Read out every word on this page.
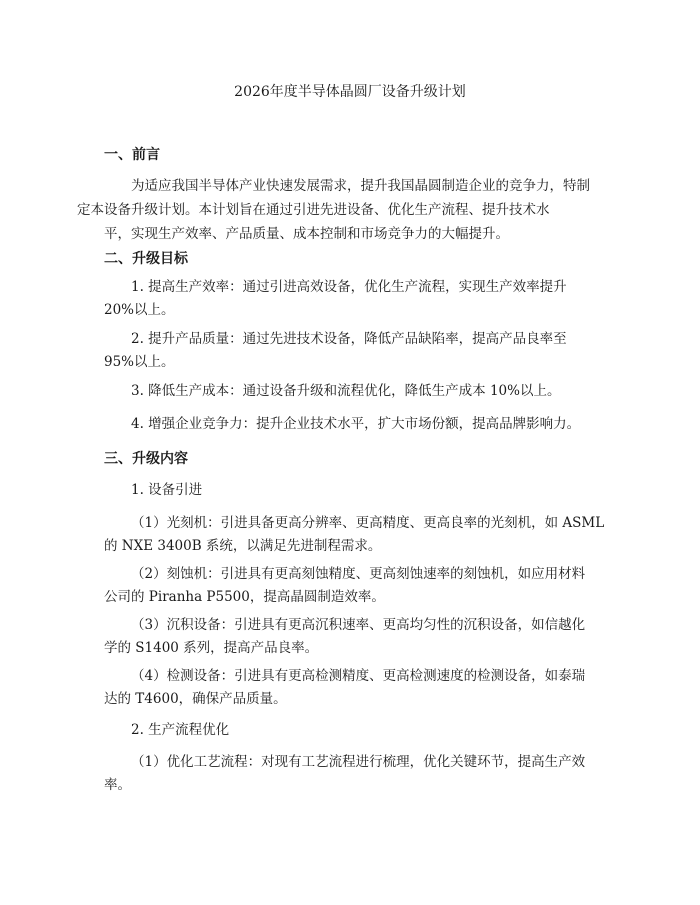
2026年度半导体晶圆厂设备升级计划
一、前言
为适应我国半导体产业快速发展需求，提升我国晶圆制造企业的竞争力，特制
定本设备升级计划。本计划旨在通过引进先进设备、优化生产流程、提升技术水
平，实现生产效率、产品质量、成本控制和市场竞争力的大幅提升。
二、升级目标
1. 提高生产效率：通过引进高效设备，优化生产流程，实现生产效率提升
20%以上。
2. 提升产品质量：通过先进技术设备，降低产品缺陷率，提高产品良率至
95%以上。
3. 降低生产成本：通过设备升级和流程优化，降低生产成本 10%以上。
4. 增强企业竞争力：提升企业技术水平，扩大市场份额，提高品牌影响力。
三、升级内容
1. 设备引进
（1）光刻机：引进具备更高分辨率、更高精度、更高良率的光刻机，如 ASML
的 NXE 3400B 系统，以满足先进制程需求。
（2）刻蚀机：引进具有更高刻蚀精度、更高刻蚀速率的刻蚀机，如应用材料
公司的 Piranha P5500，提高晶圆制造效率。
（3）沉积设备：引进具有更高沉积速率、更高均匀性的沉积设备，如信越化
学的 S1400 系列，提高产品良率。
（4）检测设备：引进具有更高检测精度、更高检测速度的检测设备，如泰瑞
达的 T4600，确保产品质量。
2. 生产流程优化
（1）优化工艺流程：对现有工艺流程进行梳理，优化关键环节，提高生产效
率。
